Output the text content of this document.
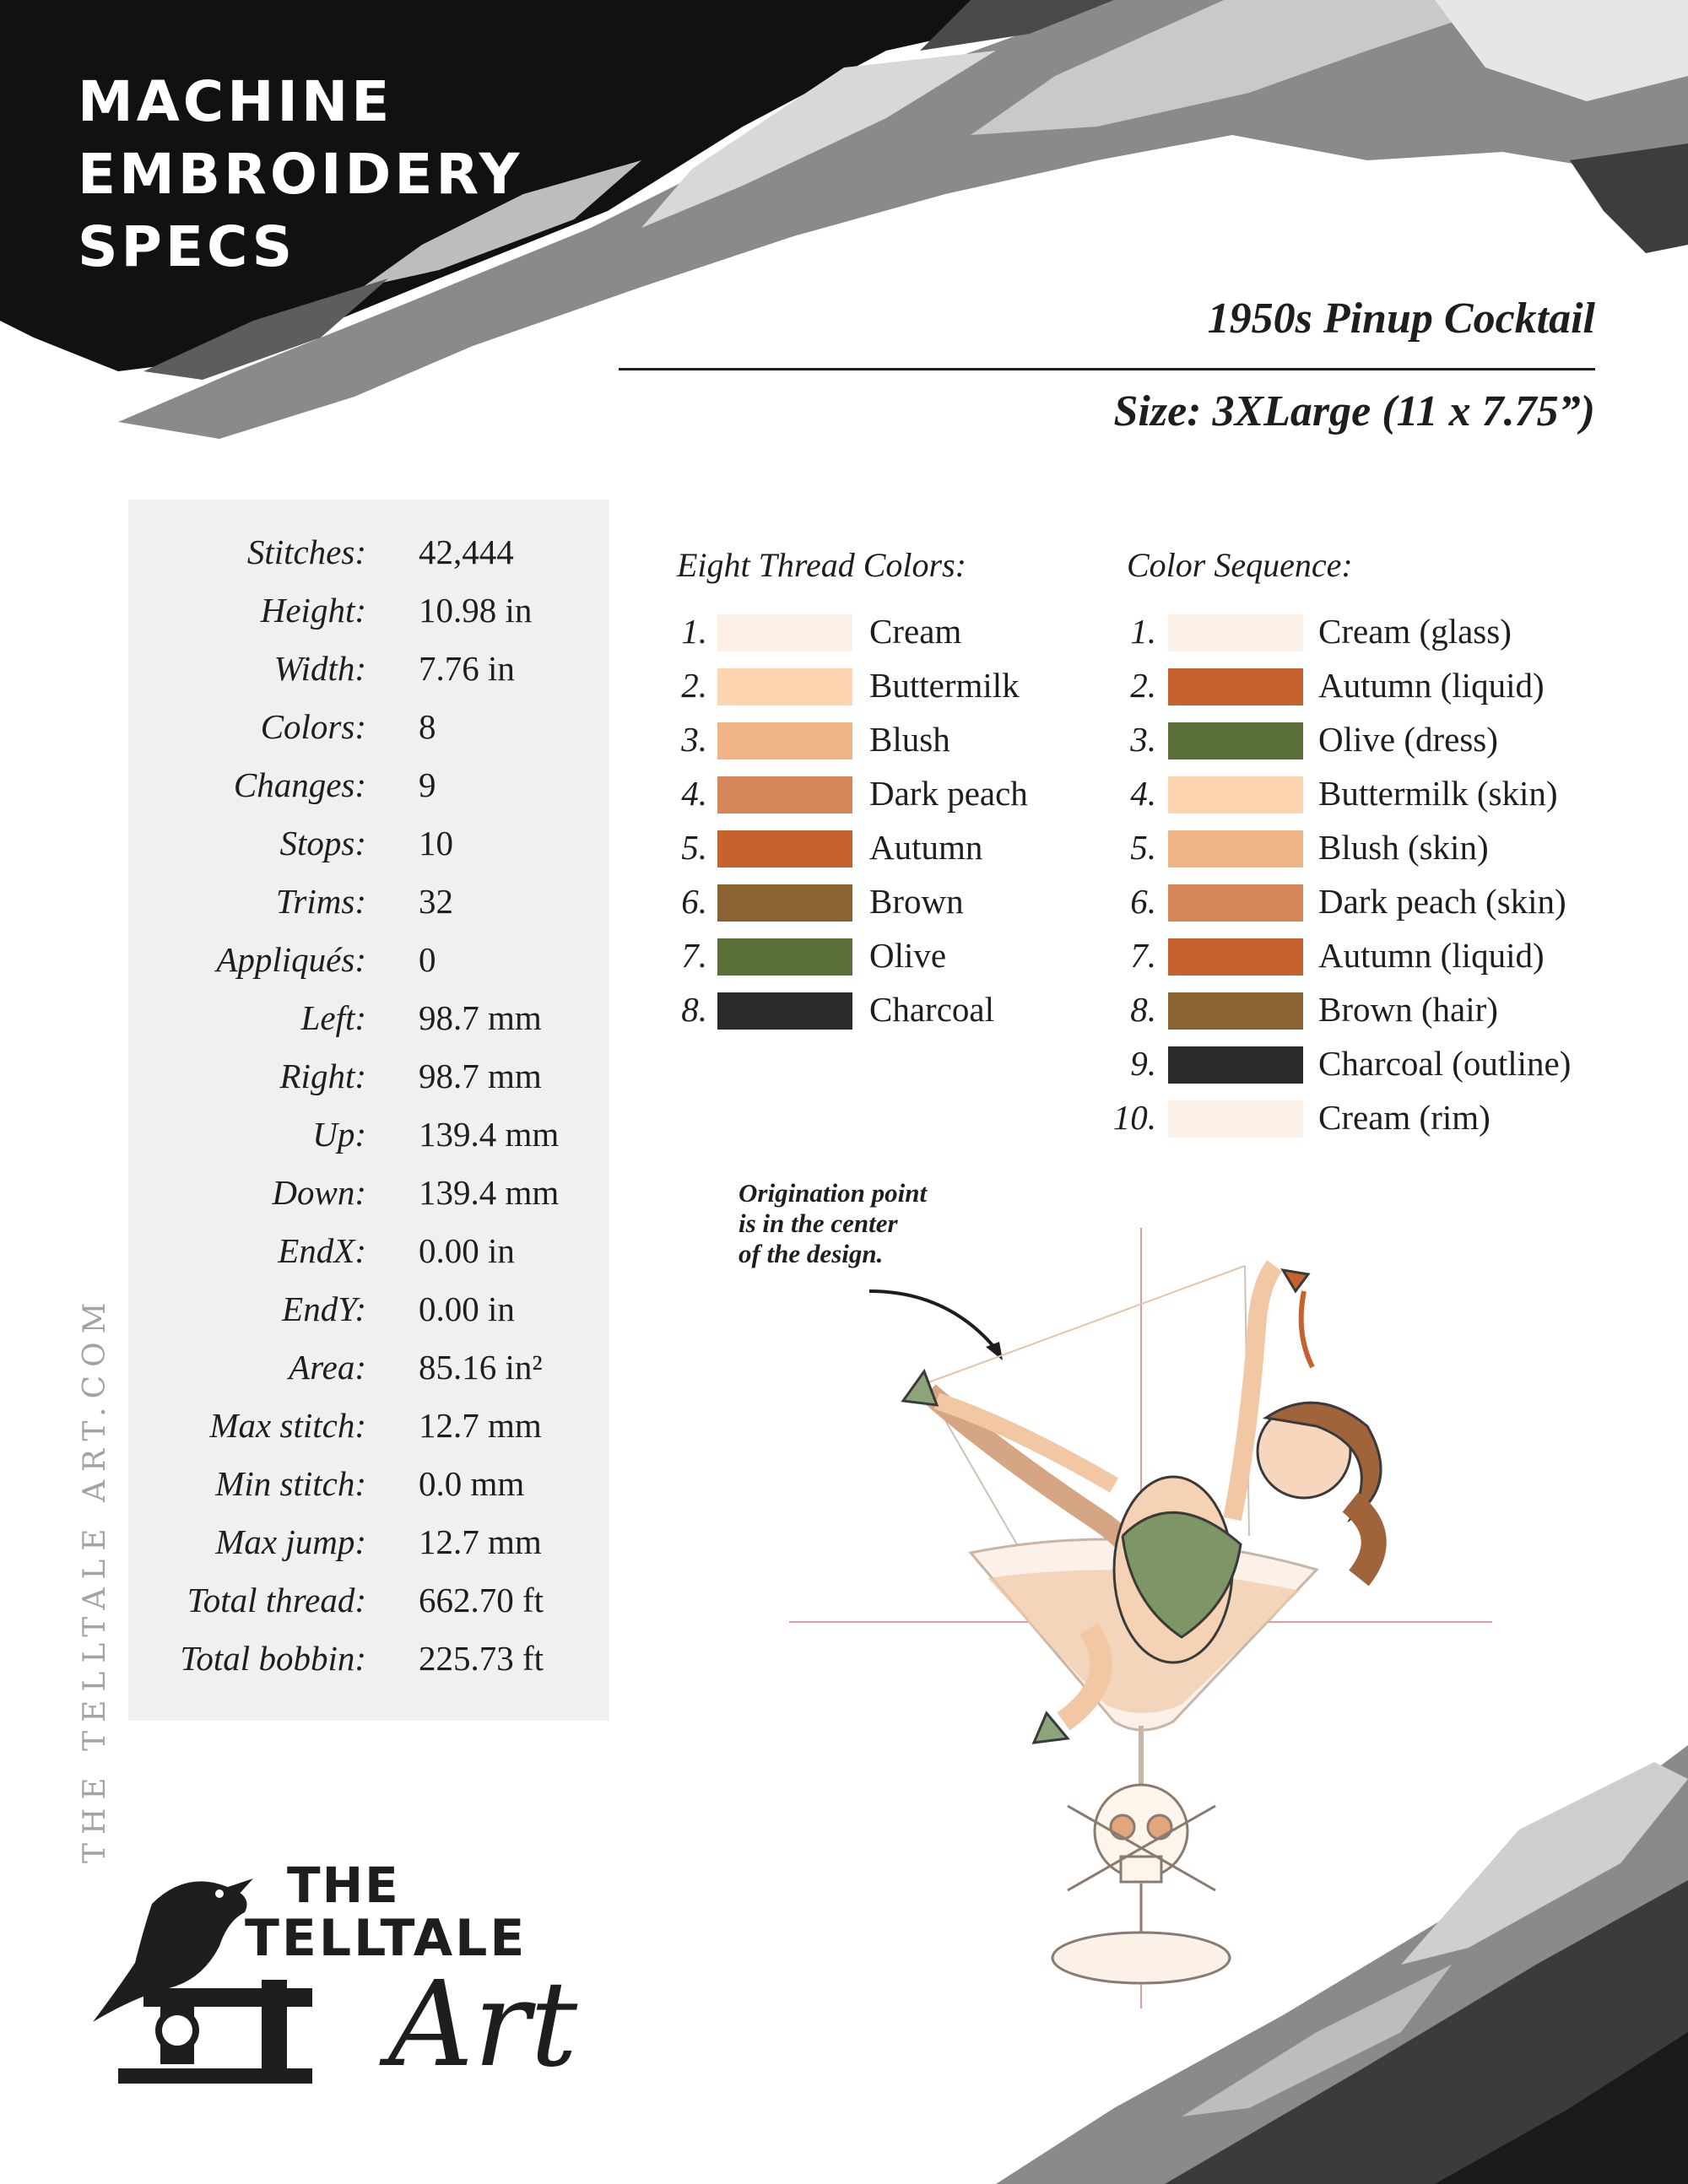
MACHINE
EMBROIDERY
SPECS
1950s Pinup Cocktail
Size: 3XLarge (11 x 7.75”)
Stitches: 42,444
Height: 10.98 in
Width: 7.76 in
Colors: 8
Changes: 9
Stops: 10
Trims: 32
Appliqués: 0
Left: 98.7 mm
Right: 98.7 mm
Up: 139.4 mm
Down: 139.4 mm
EndX: 0.00 in
EndY: 0.00 in
Area: 85.16 in²
Max stitch: 12.7 mm
Min stitch: 0.0 mm
Max jump: 12.7 mm
Total thread: 662.70 ft
Total bobbin: 225.73 ft
Eight Thread Colors:
1.	Cream
2.	Buttermilk
3.	Blush
4.	Dark peach
5.	Autumn
6.	Brown
7.	Olive
8.	Charcoal
Color Sequence:
1.	Cream (glass)
2.	Autumn (liquid)
3.	Olive (dress)
4.	Buttermilk (skin)
5.	Blush (skin)
6.	Dark peach (skin)
7.	Autumn (liquid)
8.	Brown (hair)
9.	Charcoal (outline)
10.	Cream (rim)
THE TELLTALE ART.COM
Origination point
is in the center
of the design.
THE
TELLTALE
Art
